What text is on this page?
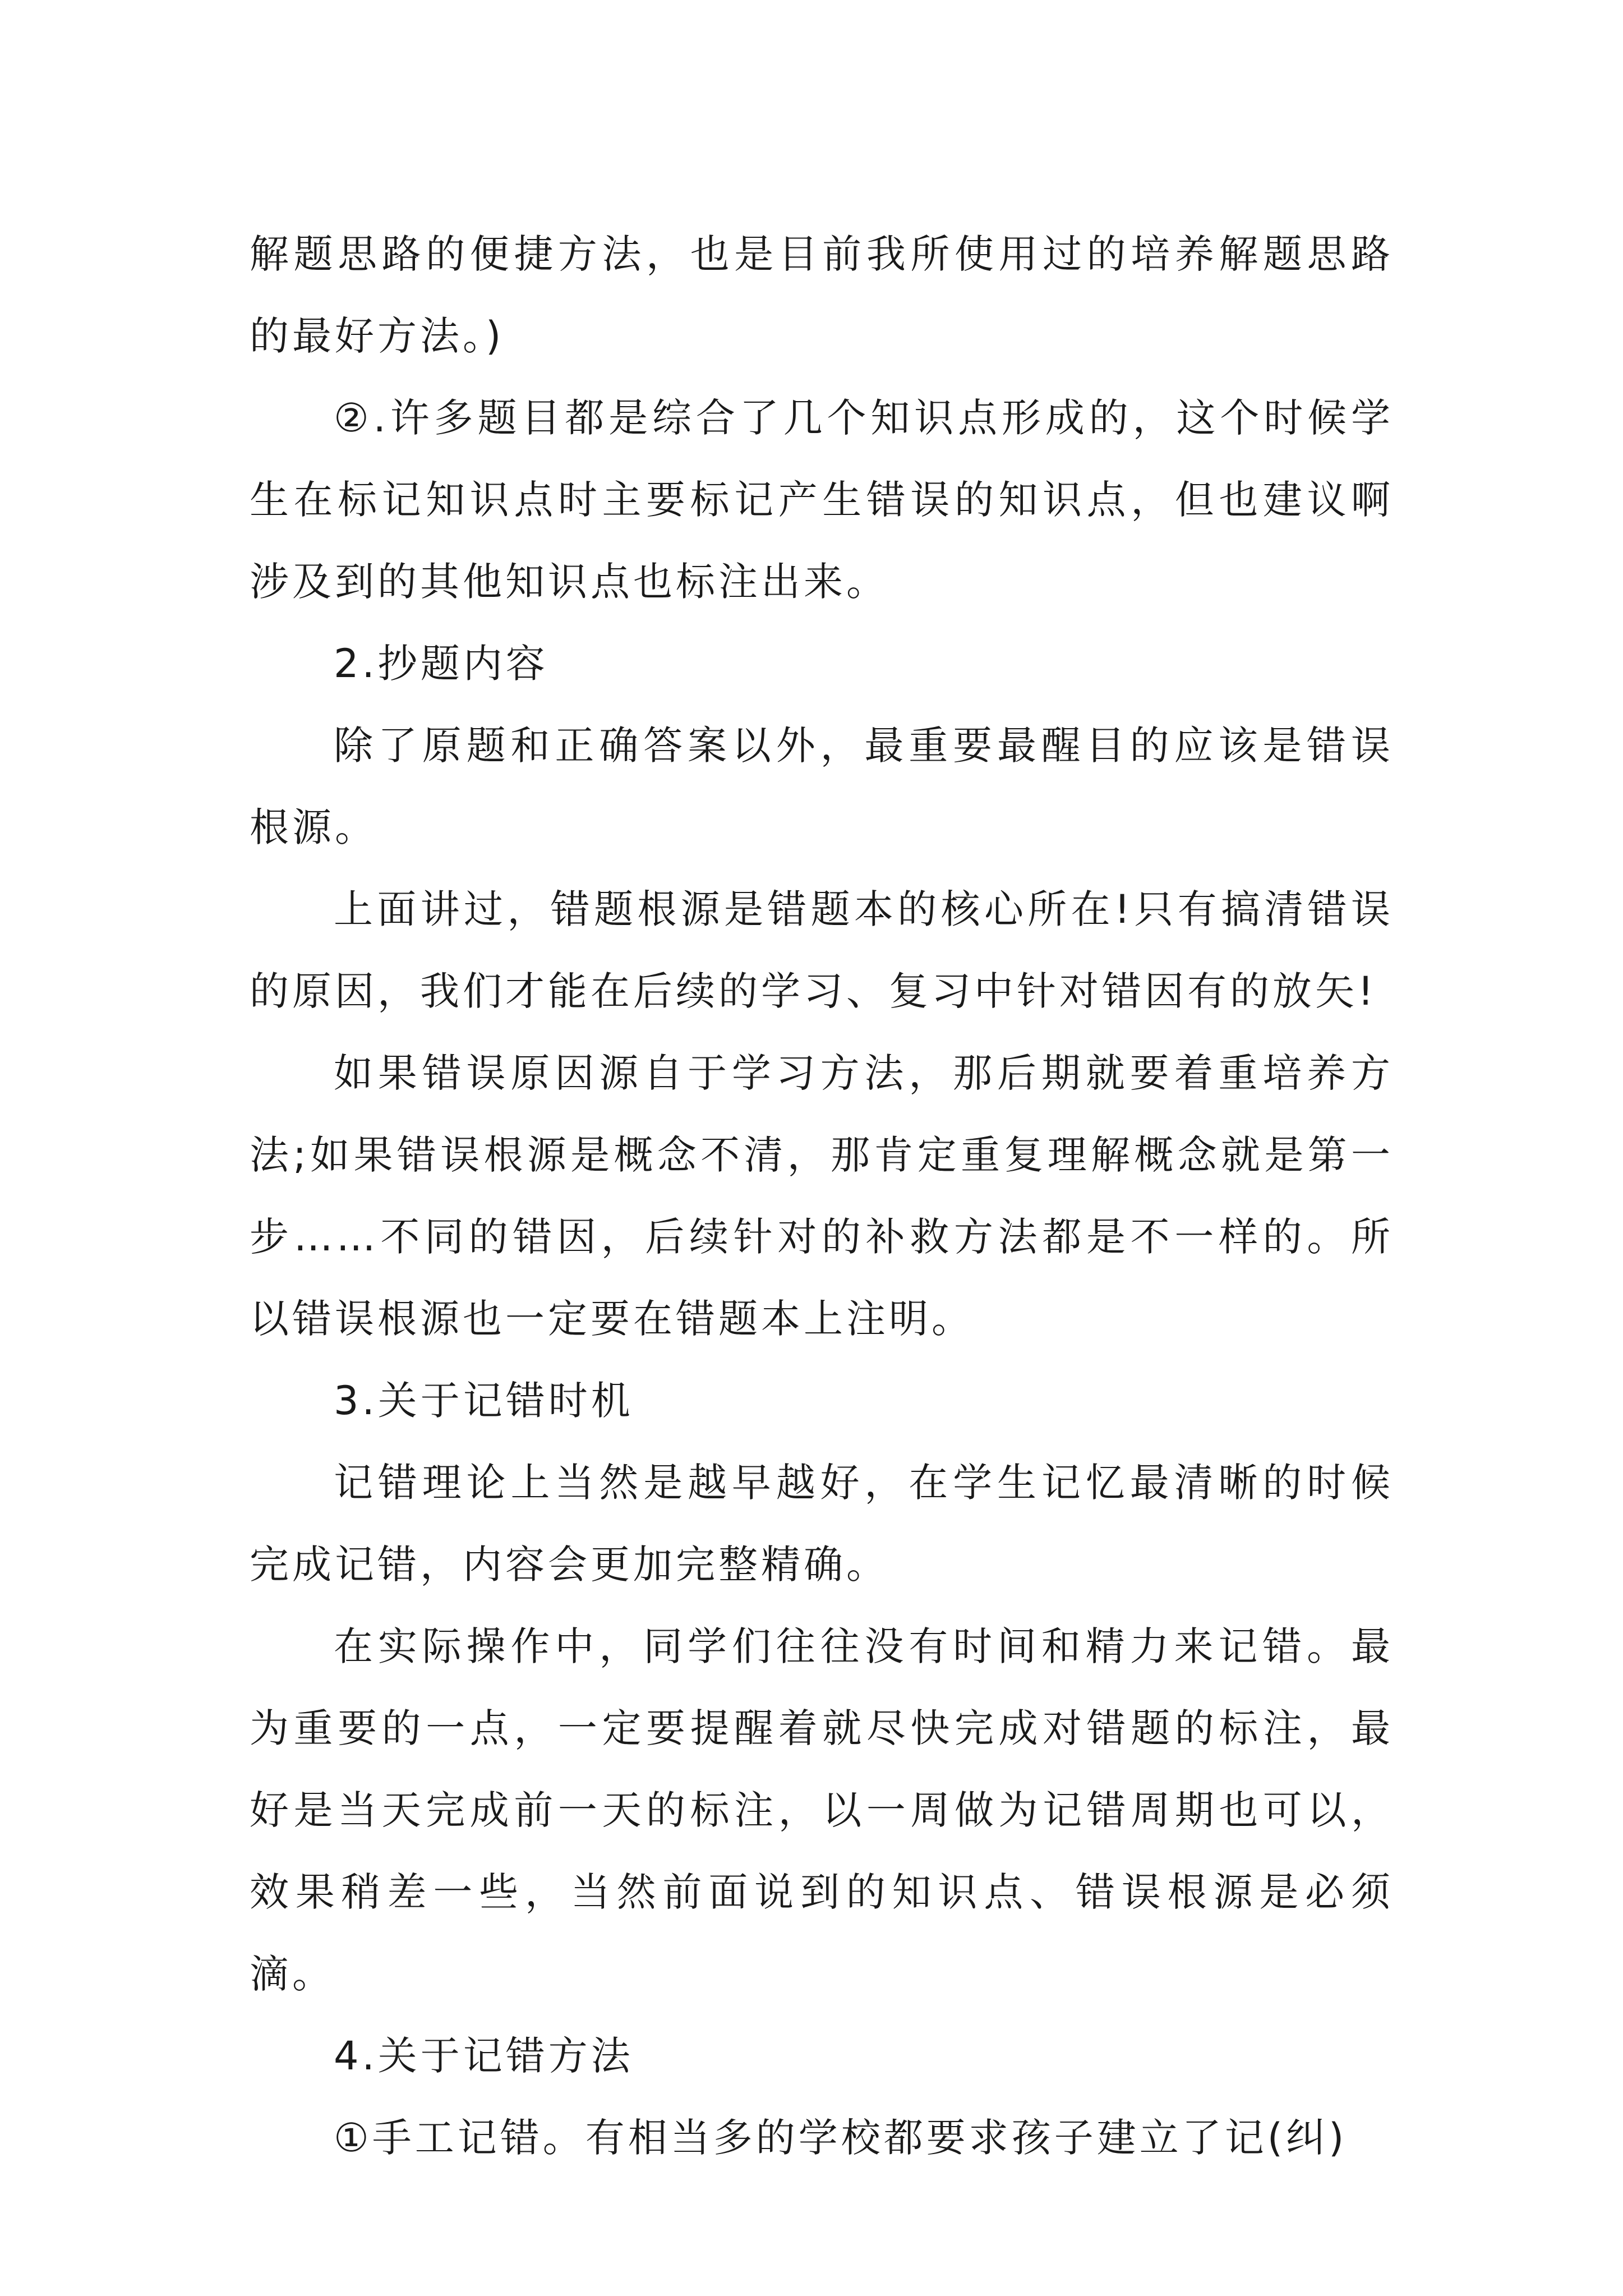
解题思路的便捷方法，也是目前我所使用过的培养解题思路的最好方法。)

②.许多题目都是综合了几个知识点形成的，这个时候学生在标记知识点时主要标记产生错误的知识点，但也建议啊涉及到的其他知识点也标注出来。

2.抄题内容

除了原题和正确答案以外，最重要最醒目的应该是错误根源。

上面讲过，错题根源是错题本的核心所在!只有搞清错误的原因，我们才能在后续的学习、复习中针对错因有的放矢!

如果错误原因源自于学习方法，那后期就要着重培养方法;如果错误根源是概念不清，那肯定重复理解概念就是第一步……不同的错因，后续针对的补救方法都是不一样的。所以错误根源也一定要在错题本上注明。

3.关于记错时机

记错理论上当然是越早越好，在学生记忆最清晰的时候完成记错，内容会更加完整精确。

在实际操作中，同学们往往没有时间和精力来记错。最为重要的一点，一定要提醒着就尽快完成对错题的标注，最好是当天完成前一天的标注，以一周做为记错周期也可以，效果稍差一些，当然前面说到的知识点、错误根源是必须滴。

4.关于记错方法

①手工记错。有相当多的学校都要求孩子建立了记(纠)
